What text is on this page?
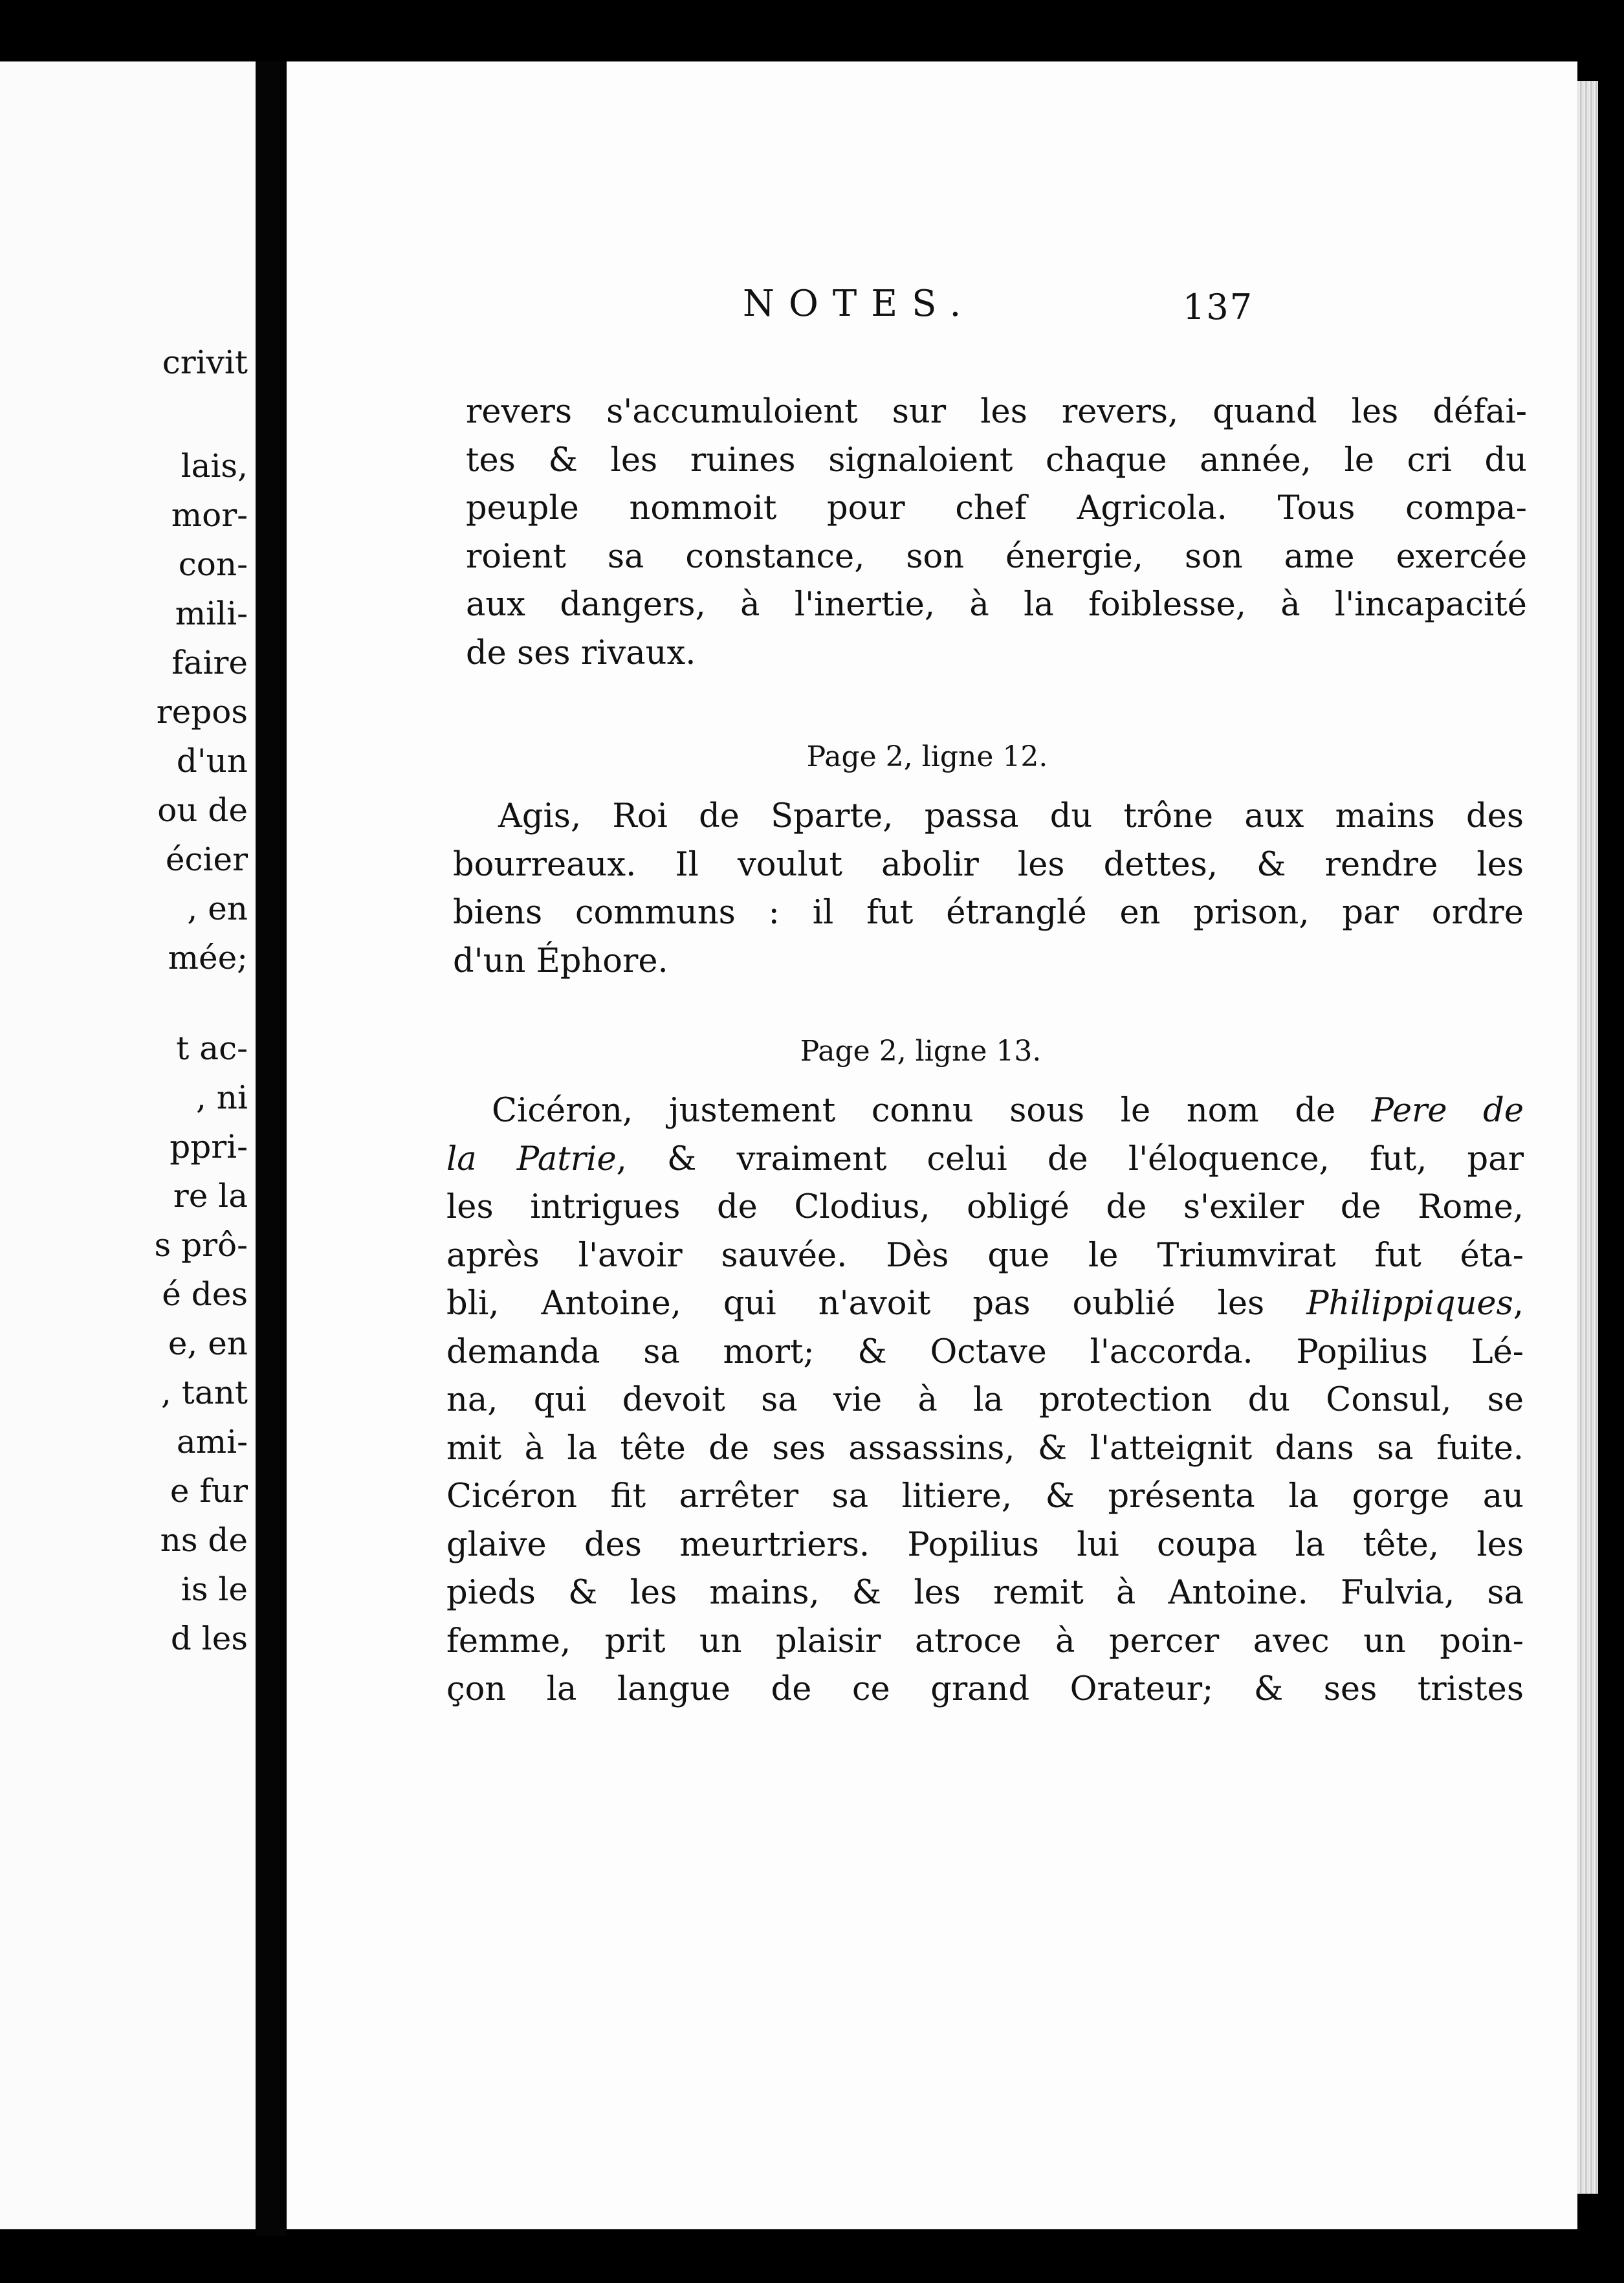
crivit
lais,
mor-
con-
mili-
faire
repos
d'un
ou de
écier
, en
mée;
t ac-
, ni
ppri-
re la
s prô-
é des
e, en
, tant
ami-
e fur
ns de
is le
d les
NOTES.	137
revers s'accumuloient sur les revers, quand les défai-
tes & les ruines signaloient chaque année, le cri du
peuple nommoit pour chef Agricola. Tous compa-
roient sa constance, son énergie, son ame exercée
aux dangers, à l'inertie, à la foiblesse, à l'incapacité
de ses rivaux.
Page 2, ligne 12.
Agis, Roi de Sparte, passa du trône aux mains des
bourreaux. Il voulut abolir les dettes, & rendre les
biens communs : il fut étranglé en prison, par ordre
d'un Éphore.
Page 2, ligne 13.
Cicéron, justement connu sous le nom de Pere de
la Patrie, & vraiment celui de l'éloquence, fut, par
les intrigues de Clodius, obligé de s'exiler de Rome,
après l'avoir sauvée. Dès que le Triumvirat fut éta-
bli, Antoine, qui n'avoit pas oublié les Philippiques,
demanda sa mort; & Octave l'accorda. Popilius Lé-
na, qui devoit sa vie à la protection du Consul, se
mit à la tête de ses assassins, & l'atteignit dans sa fuite.
Cicéron fit arrêter sa litiere, & présenta la gorge au
glaive des meurtriers. Popilius lui coupa la tête, les
pieds & les mains, & les remit à Antoine. Fulvia, sa
femme, prit un plaisir atroce à percer avec un poin-
çon la langue de ce grand Orateur; & ses tristes
